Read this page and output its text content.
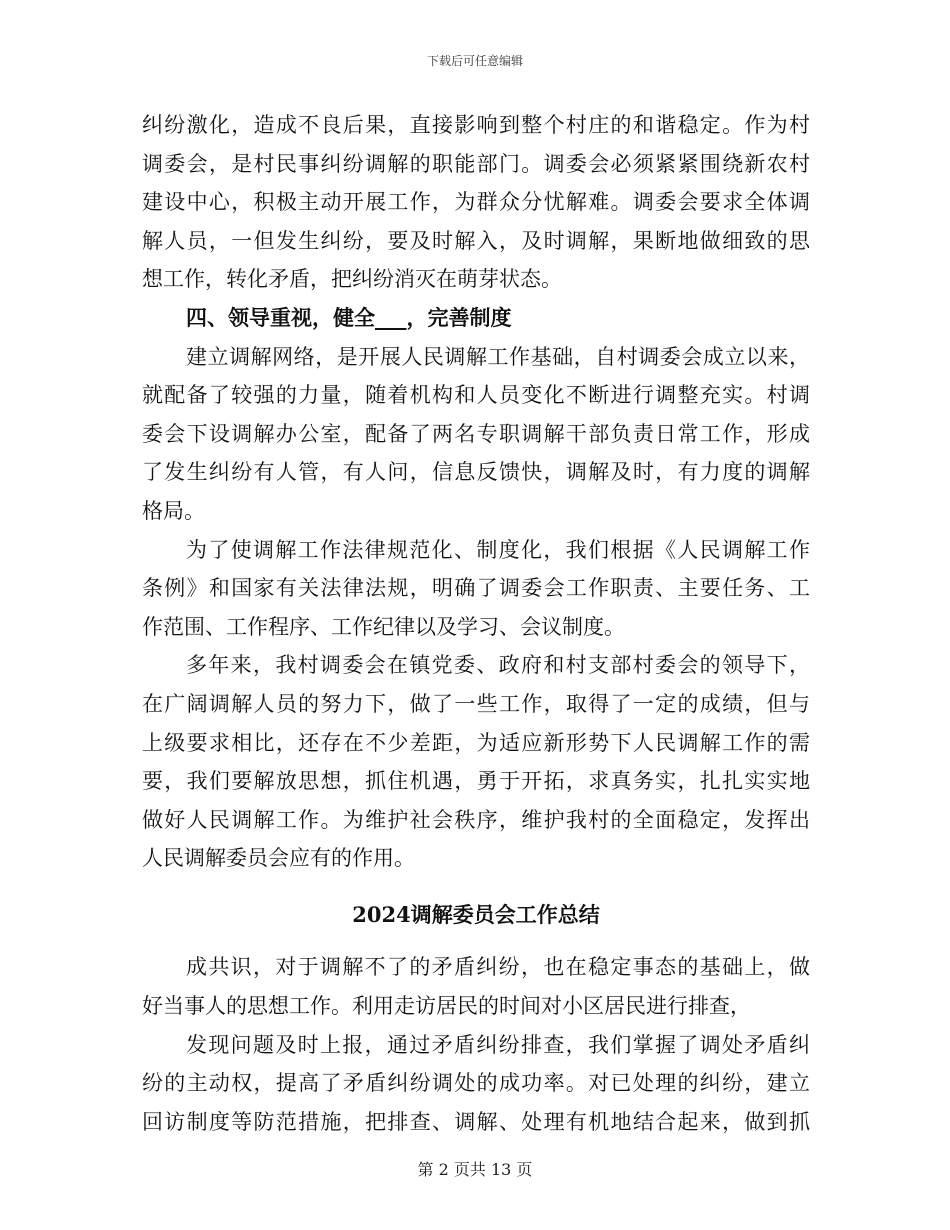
下载后可任意编辑
纠纷激化，造成不良后果，直接影响到整个村庄的和谐稳定。作为村
调委会，是村民事纠纷调解的职能部门。调委会必须紧紧围绕新农村
建设中心，积极主动开展工作，为群众分忧解难。调委会要求全体调
解人员，一但发生纠纷，要及时解入，及时调解，果断地做细致的思
想工作，转化矛盾，把纠纷消灭在萌芽状态。
四、领导重视，健全___，完善制度
建立调解网络，是开展人民调解工作基础，自村调委会成立以来，
就配备了较强的力量，随着机构和人员变化不断进行调整充实。村调
委会下设调解办公室，配备了两名专职调解干部负责日常工作，形成
了发生纠纷有人管，有人问，信息反馈快，调解及时，有力度的调解
格局。
为了使调解工作法律规范化、制度化，我们根据《人民调解工作
条例》和国家有关法律法规，明确了调委会工作职责、主要任务、工
作范围、工作程序、工作纪律以及学习、会议制度。
多年来，我村调委会在镇党委、政府和村支部村委会的领导下，
在广阔调解人员的努力下，做了一些工作，取得了一定的成绩，但与
上级要求相比，还存在不少差距，为适应新形势下人民调解工作的需
要，我们要解放思想，抓住机遇，勇于开拓，求真务实，扎扎实实地
做好人民调解工作。为维护社会秩序，维护我村的全面稳定，发挥出
人民调解委员会应有的作用。
2024调解委员会工作总结
成共识，对于调解不了的矛盾纠纷，也在稳定事态的基础上，做
好当事人的思想工作。利用走访居民的时间对小区居民进行排查，
发现问题及时上报，通过矛盾纠纷排查，我们掌握了调处矛盾纠
纷的主动权，提高了矛盾纠纷调处的成功率。对已处理的纠纷，建立
回访制度等防范措施，把排查、调解、处理有机地结合起来，做到抓
第 2 页共 13 页
